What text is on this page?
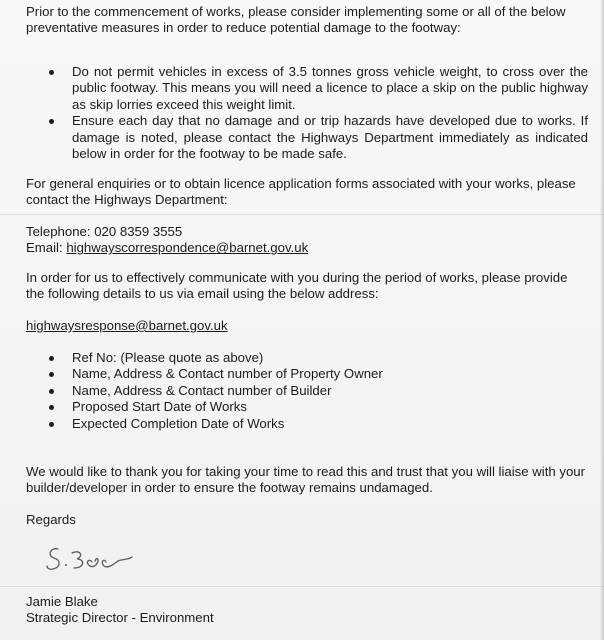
Prior to the commencement of works, please consider implementing some or all of the below preventative measures in order to reduce potential damage to the footway:

Do not permit vehicles in excess of 3.5 tonnes gross vehicle weight, to cross over the public footway. This means you will need a licence to place a skip on the public highway as skip lorries exceed this weight limit.
Ensure each day that no damage and or trip hazards have developed due to works. If damage is noted, please contact the Highways Department immediately as indicated below in order for the footway to be made safe.

For general enquiries or to obtain licence application forms associated with your works, please contact the Highways Department:

Telephone: 020 8359 3555
Email: highwayscorrespondence@barnet.gov.uk

In order for us to effectively communicate with you during the period of works, please provide the following details to us via email using the below address:

highwaysresponse@barnet.gov.uk
Ref No: (Please quote as above)
Name, Address & Contact number of Property Owner
Name, Address & Contact number of Builder
Proposed Start Date of Works
Expected Completion Date of Works

We would like to thank you for taking your time to read this and trust that you will liaise with your builder/developer in order to ensure the footway remains undamaged.

Regards

Jamie Blake
Strategic Director - Environment
